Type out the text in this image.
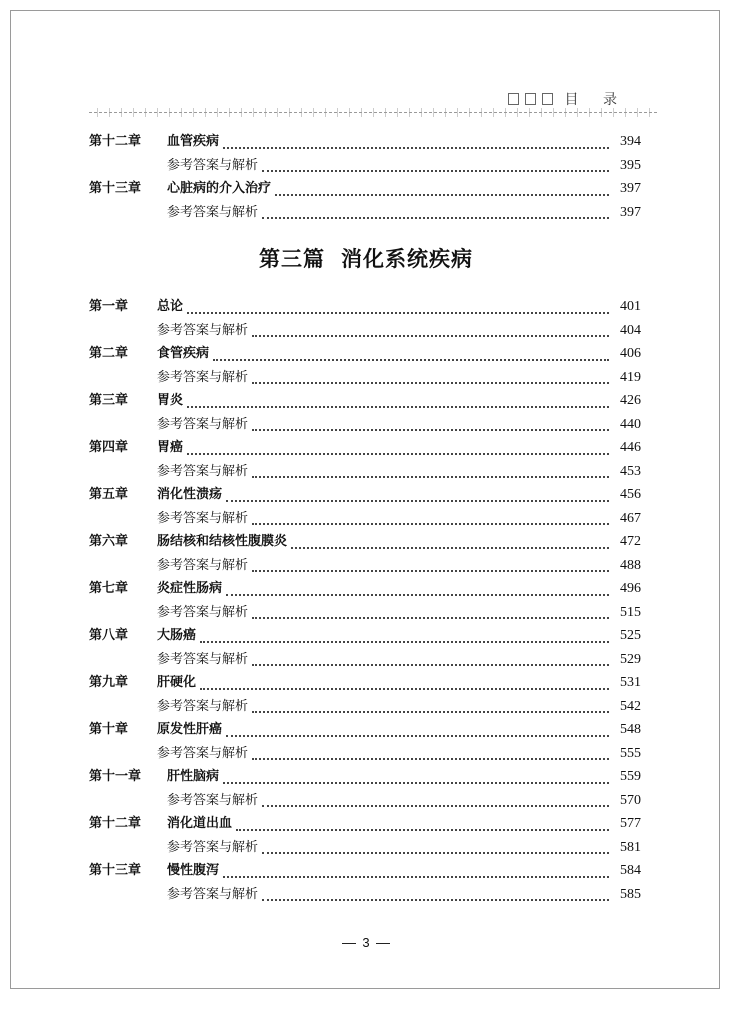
目 录
第十二章	血管疾病	394
参考答案与解析	395
第十三章	心脏病的介入治疗	397
参考答案与解析	397
第三篇 消化系统疾病
第一章	总论	401
参考答案与解析	404
第二章	食管疾病	406
参考答案与解析	419
第三章	胃炎	426
参考答案与解析	440
第四章	胃癌	446
参考答案与解析	453
第五章	消化性溃疡	456
参考答案与解析	467
第六章	肠结核和结核性腹膜炎	472
参考答案与解析	488
第七章	炎症性肠病	496
参考答案与解析	515
第八章	大肠癌	525
参考答案与解析	529
第九章	肝硬化	531
参考答案与解析	542
第十章	原发性肝癌	548
参考答案与解析	555
第十一章	肝性脑病	559
参考答案与解析	570
第十二章	消化道出血	577
参考答案与解析	581
第十三章	慢性腹泻	584
参考答案与解析	585
3
